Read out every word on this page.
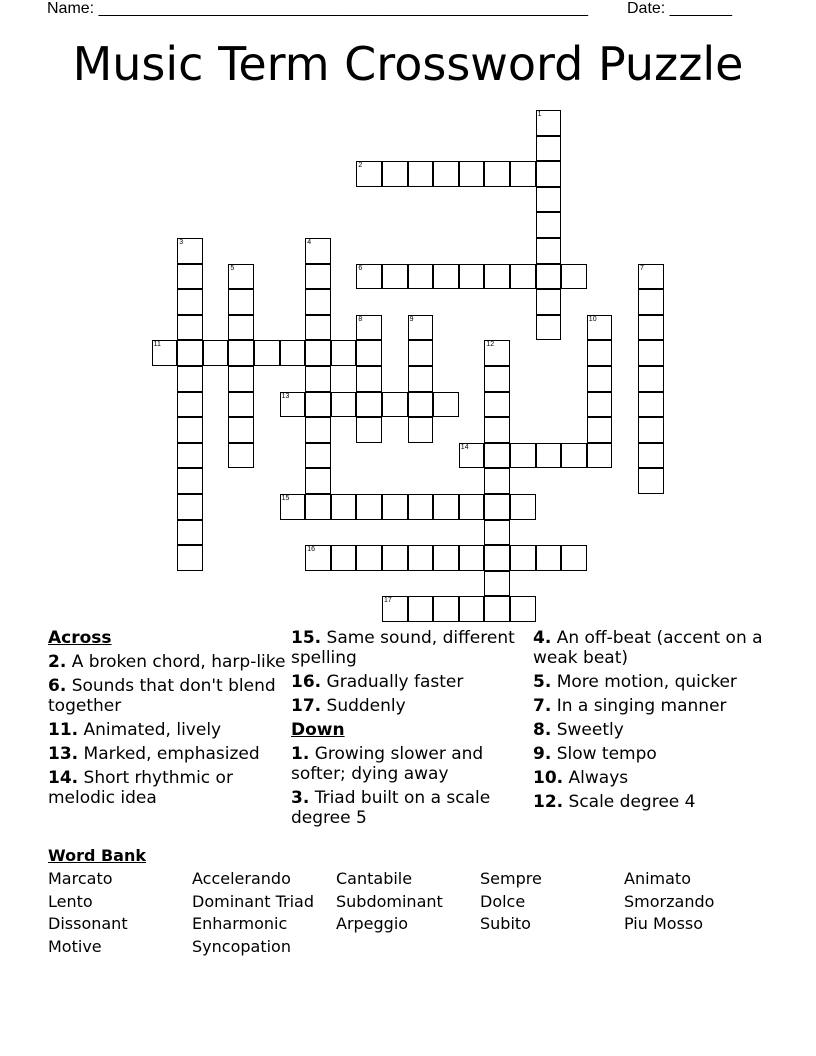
Name: _______________________________________________________ Date: _______
Music Term Crossword Puzzle
1
2
3	4
5	6	7
8	9	10
11	12
13
14
15
16
17
Across
2. A broken chord, harp-like
6. Sounds that don't blend together
11. Animated, lively
13. Marked, emphasized
14. Short rhythmic or melodic idea
15. Same sound, different spelling
16. Gradually faster
17. Suddenly
Down
1. Growing slower and softer; dying away
3. Triad built on a scale degree 5
4. An off-beat (accent on a weak beat)
5. More motion, quicker
7. In a singing manner
8. Sweetly
9. Slow tempo
10. Always
12. Scale degree 4
Word Bank
Marcato	Accelerando	Cantabile	Sempre	Animato
Lento	Dominant Triad	Subdominant	Dolce	Smorzando
Dissonant	Enharmonic	Arpeggio	Subito	Piu Mosso
Motive	Syncopation
